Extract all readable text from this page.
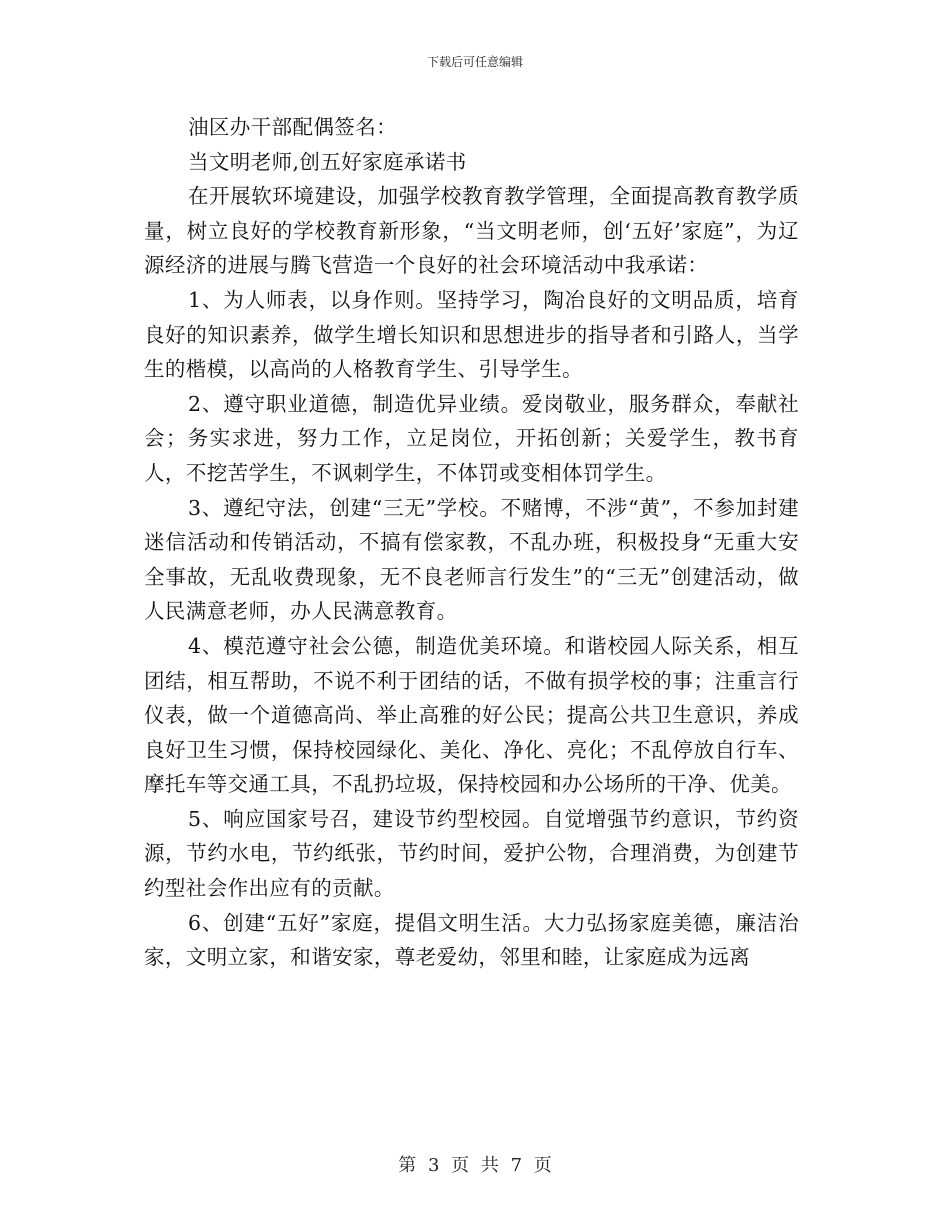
下载后可任意编辑

油区办干部配偶签名：

当文明老师,创五好家庭承诺书

在开展软环境建设，加强学校教育教学管理，全面提高教育教学质量，树立良好的学校教育新形象，“当文明老师，创‘五好’家庭”，为辽源经济的进展与腾飞营造一个良好的社会环境活动中我承诺：

1、为人师表，以身作则。坚持学习，陶冶良好的文明品质，培育良好的知识素养，做学生增长知识和思想进步的指导者和引路人，当学生的楷模，以高尚的人格教育学生、引导学生。

2、遵守职业道德，制造优异业绩。爱岗敬业，服务群众，奉献社会；务实求进，努力工作，立足岗位，开拓创新；关爱学生，教书育人，不挖苦学生，不讽刺学生，不体罚或变相体罚学生。

3、遵纪守法，创建“三无”学校。不赌博，不涉“黄”，不参加封建迷信活动和传销活动，不搞有偿家教，不乱办班，积极投身“无重大安全事故，无乱收费现象，无不良老师言行发生”的“三无”创建活动，做人民满意老师，办人民满意教育。

4、模范遵守社会公德，制造优美环境。和谐校园人际关系，相互团结，相互帮助，不说不利于团结的话，不做有损学校的事；注重言行仪表，做一个道德高尚、举止高雅的好公民；提高公共卫生意识，养成良好卫生习惯，保持校园绿化、美化、净化、亮化；不乱停放自行车、摩托车等交通工具，不乱扔垃圾，保持校园和办公场所的干净、优美。

5、响应国家号召，建设节约型校园。自觉增强节约意识，节约资源，节约水电，节约纸张，节约时间，爱护公物，合理消费，为创建节约型社会作出应有的贡献。

6、创建“五好”家庭，提倡文明生活。大力弘扬家庭美德，廉洁治家，文明立家，和谐安家，尊老爱幼，邻里和睦，让家庭成为远离

第 3 页 共 7 页
